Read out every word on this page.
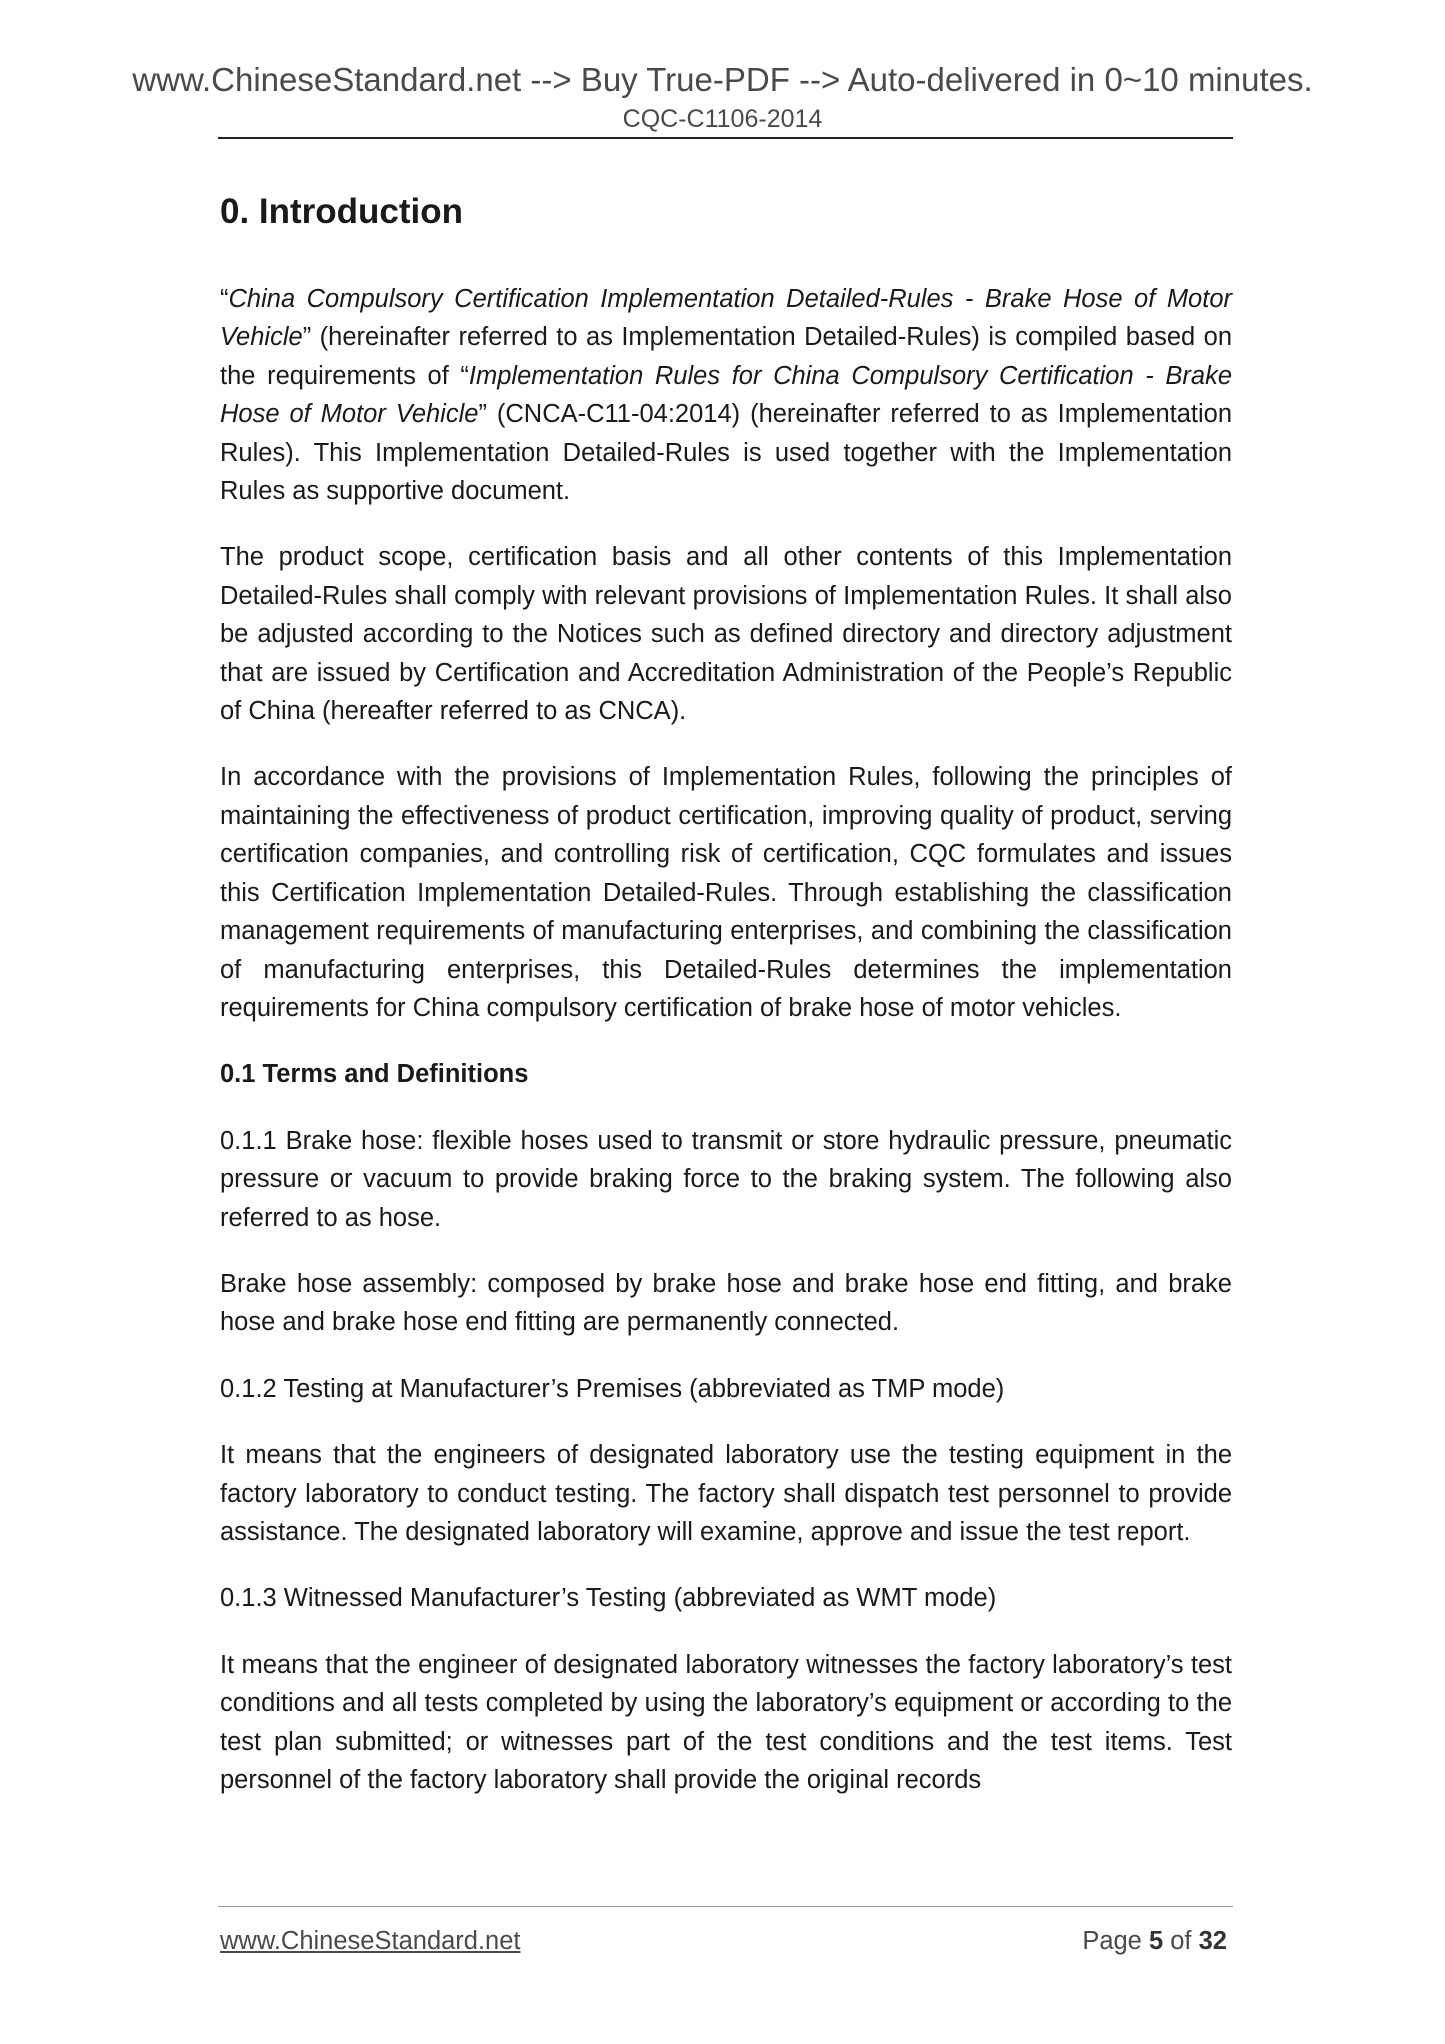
www.ChineseStandard.net --> Buy True-PDF --> Auto-delivered in 0~10 minutes.
CQC-C1106-2014
0. Introduction

“China Compulsory Certification Implementation Detailed-Rules - Brake Hose of Motor Vehicle” (hereinafter referred to as Implementation Detailed-Rules) is compiled based on the requirements of “Implementation Rules for China Compulsory Certification - Brake Hose of Motor Vehicle” (CNCA-C11-04:2014) (hereinafter referred to as Implementation Rules). This Implementation Detailed-Rules is used together with the Implementation Rules as supportive document.

The product scope, certification basis and all other contents of this Implementation Detailed-Rules shall comply with relevant provisions of Implementation Rules. It shall also be adjusted according to the Notices such as defined directory and directory adjustment that are issued by Certification and Accreditation Administration of the People’s Republic of China (hereafter referred to as CNCA).

In accordance with the provisions of Implementation Rules, following the principles of maintaining the effectiveness of product certification, improving quality of product, serving certification companies, and controlling risk of certification, CQC formulates and issues this Certification Implementation Detailed-Rules. Through establishing the classification management requirements of manufacturing enterprises, and combining the classification of manufacturing enterprises, this Detailed-Rules determines the implementation requirements for China compulsory certification of brake hose of motor vehicles.

0.1 Terms and Definitions

0.1.1 Brake hose: flexible hoses used to transmit or store hydraulic pressure, pneumatic pressure or vacuum to provide braking force to the braking system. The following also referred to as hose.

Brake hose assembly: composed by brake hose and brake hose end fitting, and brake hose and brake hose end fitting are permanently connected.

0.1.2 Testing at Manufacturer’s Premises (abbreviated as TMP mode)

It means that the engineers of designated laboratory use the testing equipment in the factory laboratory to conduct testing. The factory shall dispatch test personnel to provide assistance. The designated laboratory will examine, approve and issue the test report.

0.1.3 Witnessed Manufacturer’s Testing (abbreviated as WMT mode)

It means that the engineer of designated laboratory witnesses the factory laboratory’s test conditions and all tests completed by using the laboratory’s equipment or according to the test plan submitted; or witnesses part of the test conditions and the test items. Test personnel of the factory laboratory shall provide the original records

www.ChineseStandard.net	Page 5 of 32
